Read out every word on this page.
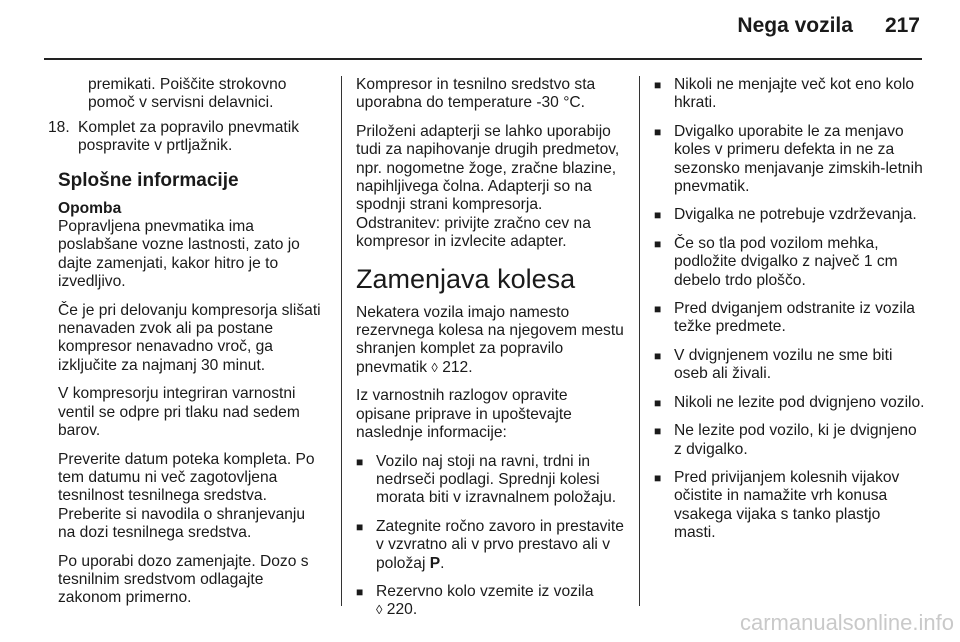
Nega vozila 217

premikati. Poiščite strokovno pomoč v servisni delavnici.

18. Komplet za popravilo pnevmatik pospravite v prtljažnik.
Splošne informacije

Opomba

Popravljena pnevmatika ima poslabšane vozne lastnosti, zato jo dajte zamenjati, kakor hitro je to izvedljivo.

Če je pri delovanju kompresorja slišati nenavaden zvok ali pa postane kompresor nenavadno vroč, ga izključite za najmanj 30 minut.

V kompresorju integriran varnostni ventil se odpre pri tlaku nad sedem barov.

Preverite datum poteka kompleta. Po tem datumu ni več zagotovljena tesnilnost tesnilnega sredstva. Preberite si navodila o shranjevanju na dozi tesnilnega sredstva.

Po uporabi dozo zamenjajte. Dozo s tesnilnim sredstvom odlagajte zakonom primerno.

Kompresor in tesnilno sredstvo sta uporabna do temperature -30 °C.

Priloženi adapterji se lahko uporabijo tudi za napihovanje drugih predmetov, npr. nogometne žoge, zračne blazine, napihljivega čolna. Adapterji so na spodnji strani kompresorja. Odstranitev: privijte zračno cev na kompresor in izvlecite adapter.

Zamenjava kolesa

Nekatera vozila imajo namesto rezervnega kolesa na njegovem mestu shranjen komplet za popravilo pnevmatik ◊ 212.

Iz varnostnih razlogov opravite opisane priprave in upoštevajte naslednje informacije:

■ Vozilo naj stoji na ravni, trdni in nedrseči podlagi. Sprednji kolesi morata biti v izravnalnem položaju.
■ Zategnite ročno zavoro in prestavite v vzvratno ali v prvo prestavo ali v položaj P.
■ Rezervno kolo vzemite iz vozila
◊ 220.
■ Nikoli ne menjajte več kot eno kolo hkrati.
■ Dvigalko uporabite le za menjavo koles v primeru defekta in ne za sezonsko menjavanje zimskih-letnih pnevmatik.
■ Dvigalka ne potrebuje vzdrževanja.
■ Če so tla pod vozilom mehka, podložite dvigalko z največ 1 cm debelo trdo ploščo.
■ Pred dviganjem odstranite iz vozila težke predmete.
■ V dvignjenem vozilu ne sme biti oseb ali živali.
■ Nikoli ne lezite pod dvignjeno vozilo.
■ Ne lezite pod vozilo, ki je dvignjeno z dvigalko.
■ Pred privijanjem kolesnih vijakov očistite in namažite vrh konusa vsakega vijaka s tanko plastjo masti.
carmanualsonline.info
